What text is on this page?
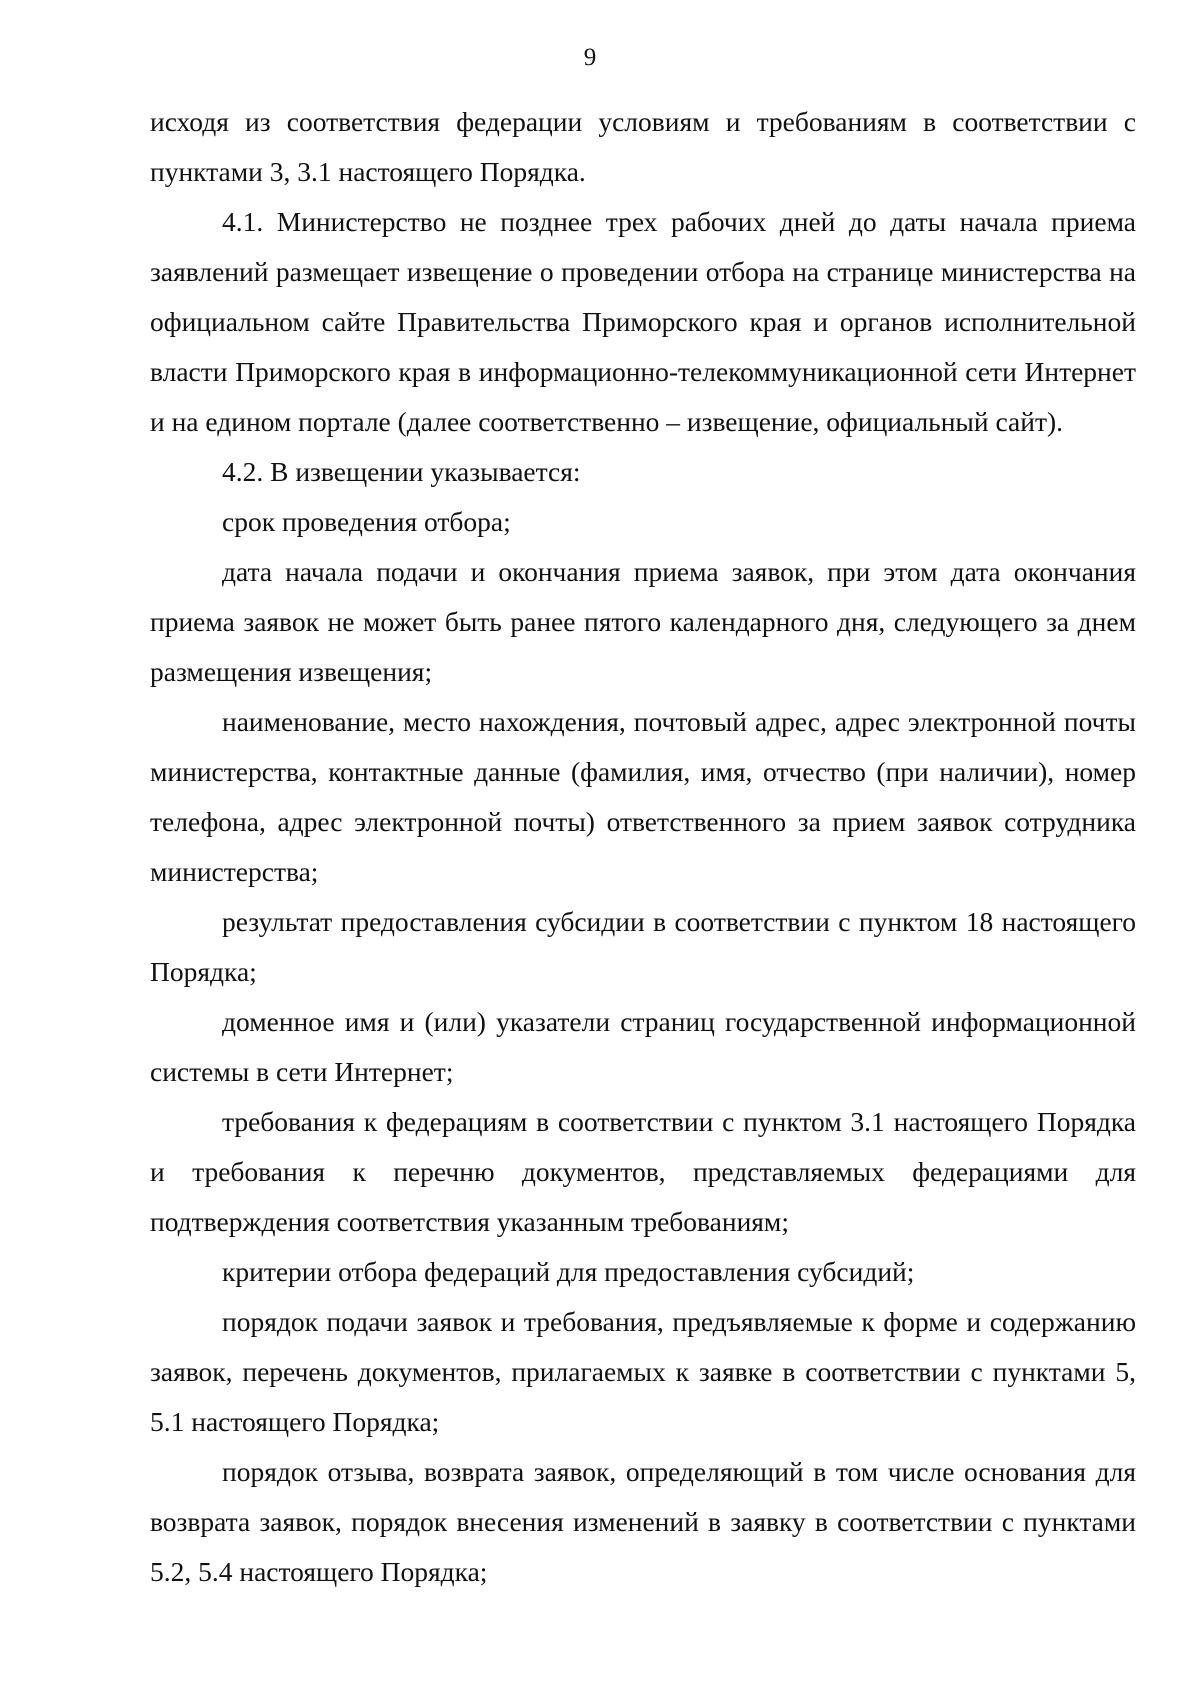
9

исходя из соответствия федерации условиям и требованиям в соответствии с пунктами 3, 3.1 настоящего Порядка.

4.1. Министерство не позднее трех рабочих дней до даты начала приема заявлений размещает извещение о проведении отбора на странице министерства на официальном сайте Правительства Приморского края и органов исполнительной власти Приморского края в информационно-телекоммуникационной сети Интернет и на едином портале (далее соответственно – извещение, официальный сайт).

4.2. В извещении указывается:

срок проведения отбора;

дата начала подачи и окончания приема заявок, при этом дата окончания приема заявок не может быть ранее пятого календарного дня, следующего за днем размещения извещения;

наименование, место нахождения, почтовый адрес, адрес электронной почты министерства, контактные данные (фамилия, имя, отчество (при наличии), номер телефона, адрес электронной почты) ответственного за прием заявок сотрудника министерства;

результат предоставления субсидии в соответствии с пунктом 18 настоящего Порядка;

доменное имя и (или) указатели страниц государственной информационной системы в сети Интернет;

требования к федерациям в соответствии с пунктом 3.1 настоящего Порядка и требования к перечню документов, представляемых федерациями для подтверждения соответствия указанным требованиям;

критерии отбора федераций для предоставления субсидий;

порядок подачи заявок и требования, предъявляемые к форме и содержанию заявок, перечень документов, прилагаемых к заявке в соответствии с пунктами 5, 5.1 настоящего Порядка;

порядок отзыва, возврата заявок, определяющий в том числе основания для возврата заявок, порядок внесения изменений в заявку в соответствии с пунктами 5.2, 5.4 настоящего Порядка;
